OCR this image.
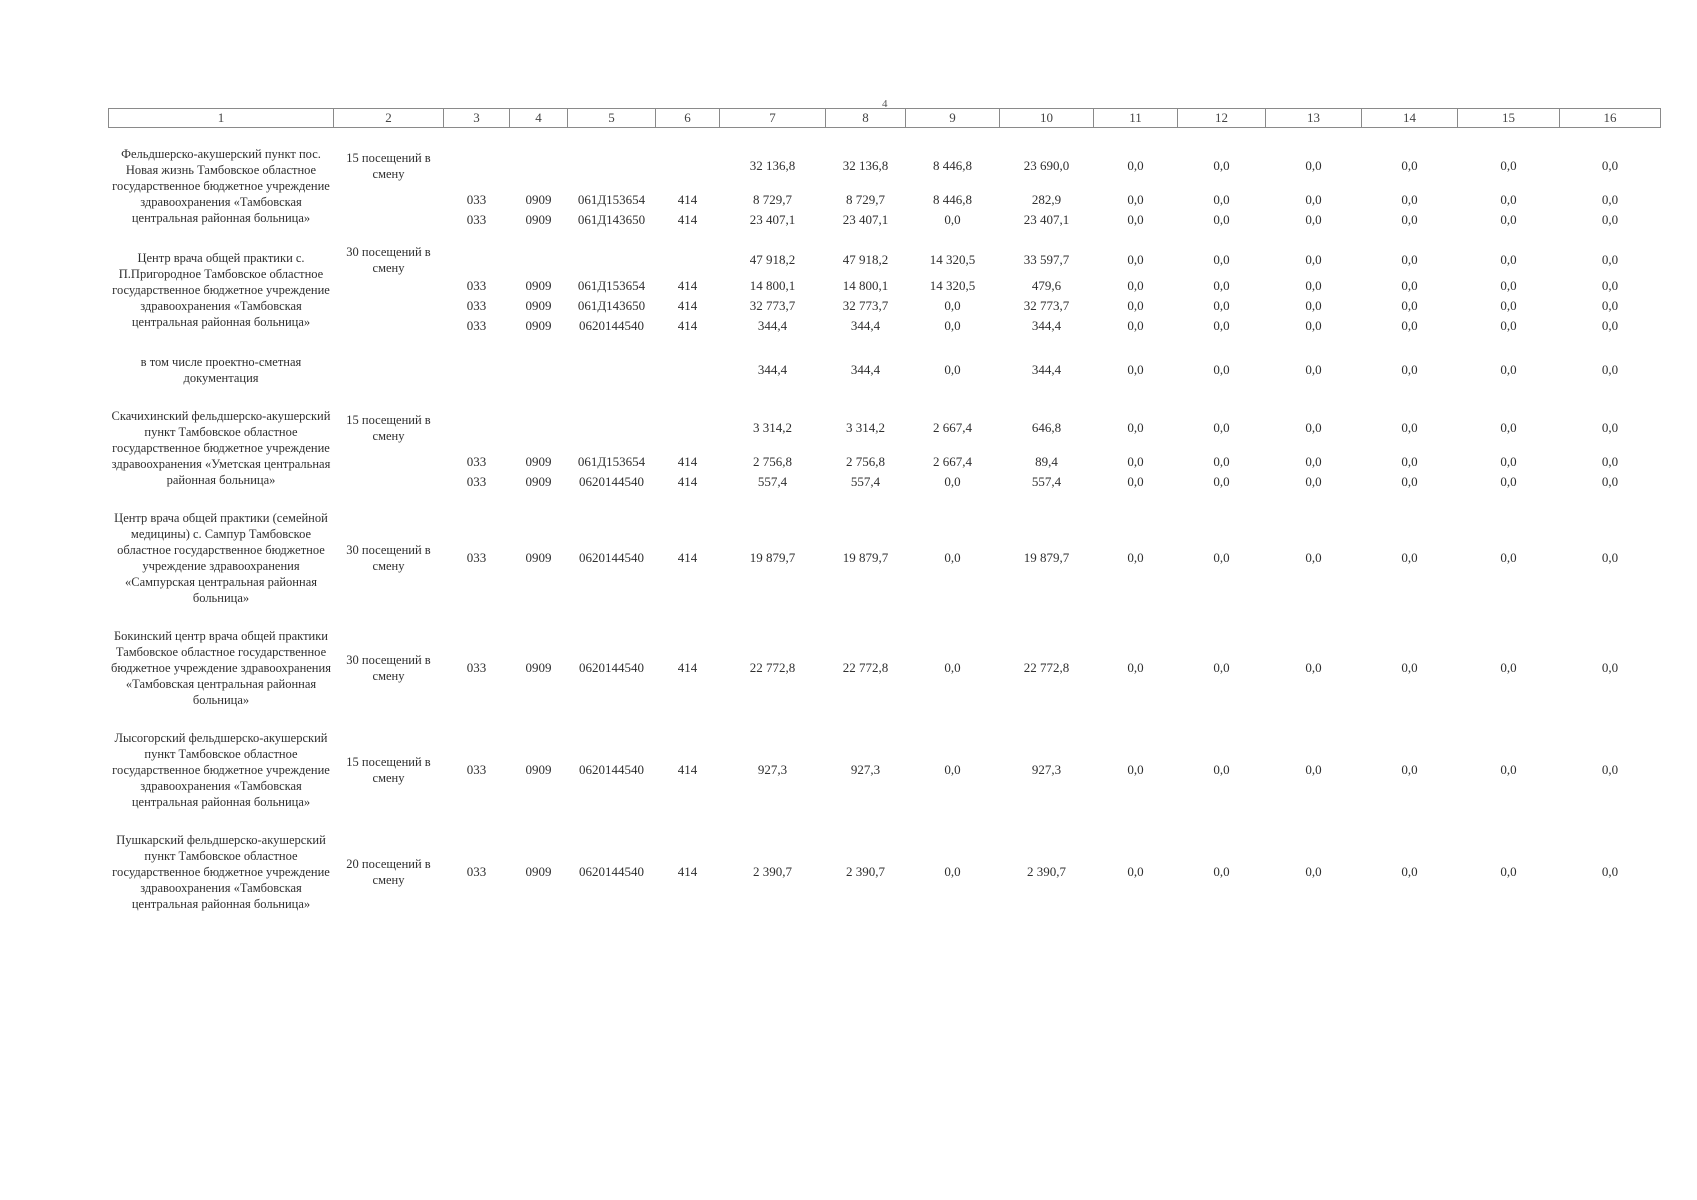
4
1	2	3	4	5	6	7	8	9	10	11	12	13	14	15	16

Фельдшерско-акушерский пункт пос. Новая жизнь Тамбовское областное государственное бюджетное учреждение здравоохранения «Тамбовская центральная районная больница»	15 посещений в смену					32 136,8	32 136,8	8 446,8	23 690,0	0,0	0,0	0,0	0,0	0,0	0,0
		033	0909	061Д153654	414	8 729,7	8 729,7	8 446,8	282,9	0,0	0,0	0,0	0,0	0,0	0,0
		033	0909	061Д143650	414	23 407,1	23 407,1	0,0	23 407,1	0,0	0,0	0,0	0,0	0,0	0,0

Центр врача общей практики с. П.Пригородное Тамбовское областное государственное бюджетное учреждение здравоохранения «Тамбовская центральная районная больница»	30 посещений в смену					47 918,2	47 918,2	14 320,5	33 597,7	0,0	0,0	0,0	0,0	0,0	0,0
		033	0909	061Д153654	414	14 800,1	14 800,1	14 320,5	479,6	0,0	0,0	0,0	0,0	0,0	0,0
		033	0909	061Д143650	414	32 773,7	32 773,7	0,0	32 773,7	0,0	0,0	0,0	0,0	0,0	0,0
		033	0909	0620144540	414	344,4	344,4	0,0	344,4	0,0	0,0	0,0	0,0	0,0	0,0

в том числе проектно-сметная документация						344,4	344,4	0,0	344,4	0,0	0,0	0,0	0,0	0,0	0,0

Скачихинский фельдшерско-акушерский пункт Тамбовское областное государственное бюджетное учреждение здравоохранения «Уметская центральная районная больница»	15 посещений в смену					3 314,2	3 314,2	2 667,4	646,8	0,0	0,0	0,0	0,0	0,0	0,0
		033	0909	061Д153654	414	2 756,8	2 756,8	2 667,4	89,4	0,0	0,0	0,0	0,0	0,0	0,0
		033	0909	0620144540	414	557,4	557,4	0,0	557,4	0,0	0,0	0,0	0,0	0,0	0,0

Центр врача общей практики (семейной медицины) с. Сампур Тамбовское областное государственное бюджетное учреждение здравоохранения «Сампурская центральная районная больница»	30 посещений в смену	033	0909	0620144540	414	19 879,7	19 879,7	0,0	19 879,7	0,0	0,0	0,0	0,0	0,0	0,0

Бокинский центр врача общей практики Тамбовское областное государственное бюджетное учреждение здравоохранения «Тамбовская центральная районная больница»	30 посещений в смену	033	0909	0620144540	414	22 772,8	22 772,8	0,0	22 772,8	0,0	0,0	0,0	0,0	0,0	0,0

Лысогорский фельдшерско-акушерский пункт Тамбовское областное государственное бюджетное учреждение здравоохранения «Тамбовская центральная районная больница»	15 посещений в смену	033	0909	0620144540	414	927,3	927,3	0,0	927,3	0,0	0,0	0,0	0,0	0,0	0,0

Пушкарский фельдшерско-акушерский пункт Тамбовское областное государственное бюджетное учреждение здравоохранения «Тамбовская центральная районная больница»	20 посещений в смену	033	0909	0620144540	414	2 390,7	2 390,7	0,0	2 390,7	0,0	0,0	0,0	0,0	0,0	0,0
